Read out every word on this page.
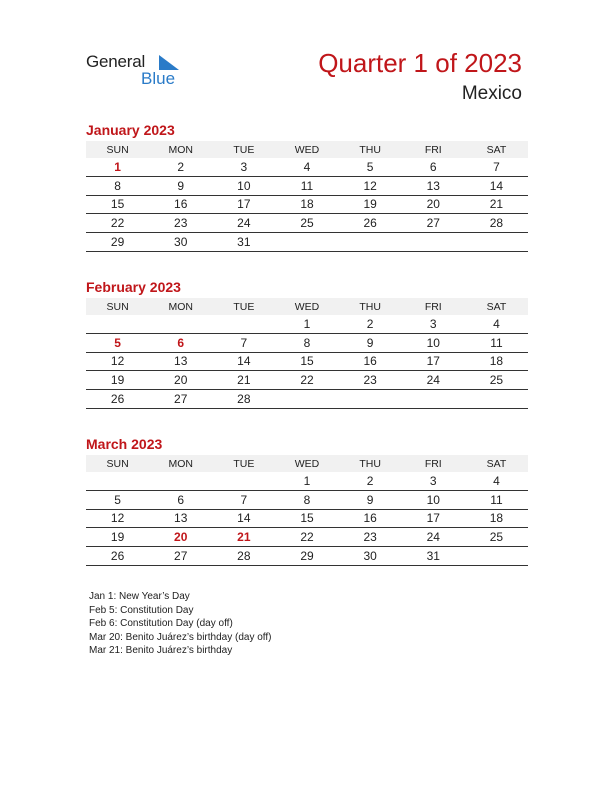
General
Blue
Quarter 1 of 2023
Mexico
January 2023
SUN	MON	TUE	WED	THU	FRI	SAT
1	2	3	4	5	6	7
8	9	10	11	12	13	14
15	16	17	18	19	20	21
22	23	24	25	26	27	28
29	30	31				
February 2023
SUN	MON	TUE	WED	THU	FRI	SAT
			1	2	3	4
5	6	7	8	9	10	11
12	13	14	15	16	17	18
19	20	21	22	23	24	25
26	27	28				
March 2023
SUN	MON	TUE	WED	THU	FRI	SAT
			1	2	3	4
5	6	7	8	9	10	11
12	13	14	15	16	17	18
19	20	21	22	23	24	25
26	27	28	29	30	31	
Jan 1: New Year’s Day
Feb 5: Constitution Day
Feb 6: Constitution Day (day off)
Mar 20: Benito Juárez’s birthday (day off)
Mar 21: Benito Juárez’s birthday
